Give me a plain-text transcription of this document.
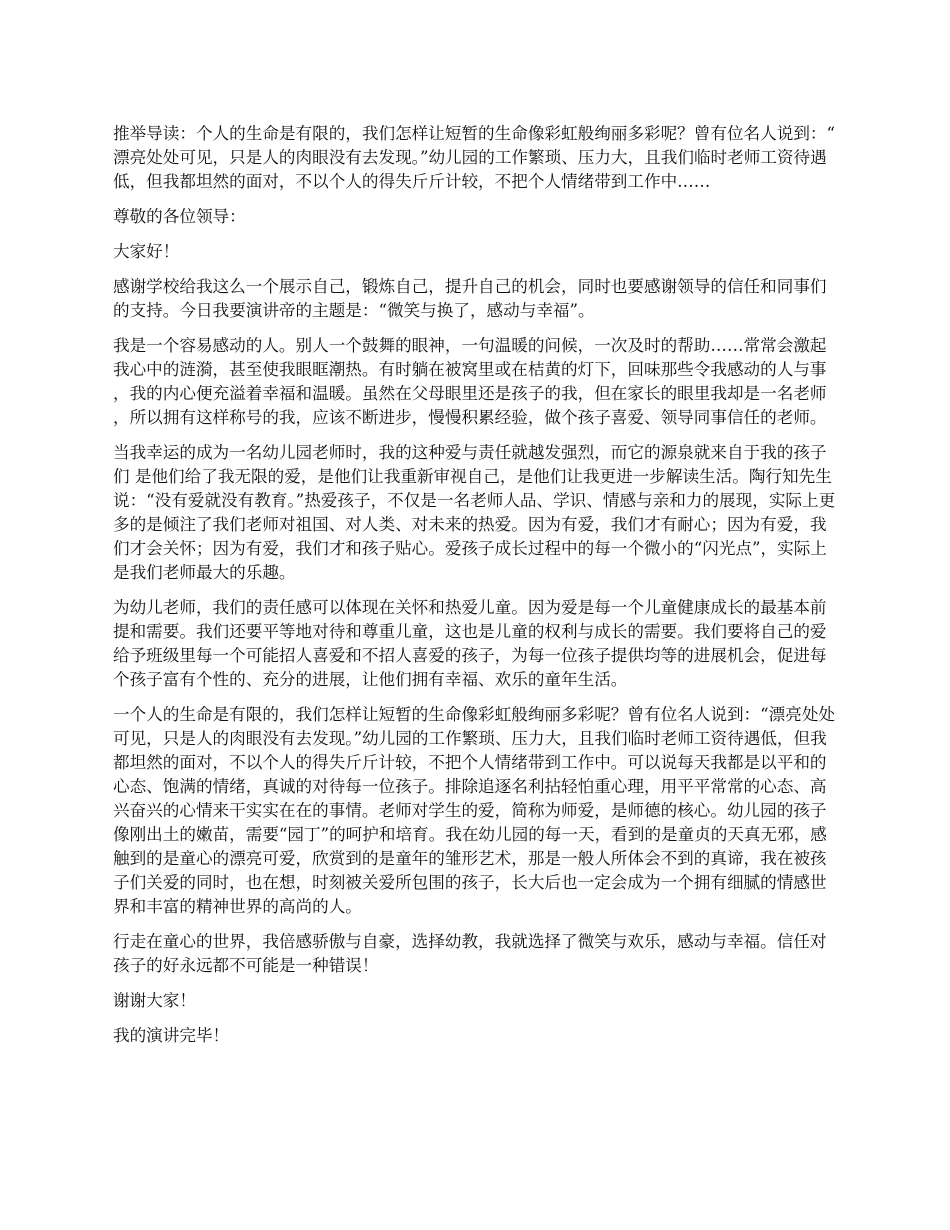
推举导读：个人的生命是有限的，我们怎样让短暂的生命像彩虹般绚丽多彩呢？曾有位名人说到：“漂亮处处可见，只是人的肉眼没有去发现。”幼儿园的工作繁琐、压力大，且我们临时老师工资待遇低，但我都坦然的面对，不以个人的得失斤斤计较，不把个人情绪带到工作中……

尊敬的各位领导：

大家好！

感谢学校给我这么一个展示自己，锻炼自己，提升自己的机会，同时也要感谢领导的信任和同事们的支持。今日我要演讲帝的主题是：“微笑与换了，感动与幸福”。

我是一个容易感动的人。别人一个鼓舞的眼神，一句温暖的问候，一次及时的帮助……常常会激起我心中的涟漪，甚至使我眼眶潮热。有时躺在被窝里或在桔黄的灯下，回味那些令我感动的人与事，我的内心便充溢着幸福和温暖。虽然在父母眼里还是孩子的我，但在家长的眼里我却是一名老师，所以拥有这样称号的我，应该不断进步，慢慢积累经验，做个孩子喜爱、领导同事信任的老师。

当我幸运的成为一名幼儿园老师时，我的这种爱与责任就越发强烈，而它的源泉就来自于我的孩子们 是他们给了我无限的爱，是他们让我重新审视自己，是他们让我更进一步解读生活。陶行知先生说：“没有爱就没有教育。”热爱孩子，不仅是一名老师人品、学识、情感与亲和力的展现，实际上更多的是倾注了我们老师对祖国、对人类、对未来的热爱。因为有爱，我们才有耐心；因为有爱，我们才会关怀；因为有爱，我们才和孩子贴心。爱孩子成长过程中的每一个微小的“闪光点”，实际上是我们老师最大的乐趣。

为幼儿老师，我们的责任感可以体现在关怀和热爱儿童。因为爱是每一个儿童健康成长的最基本前提和需要。我们还要平等地对待和尊重儿童，这也是儿童的权利与成长的需要。我们要将自己的爱给予班级里每一个可能招人喜爱和不招人喜爱的孩子，为每一位孩子提供均等的进展机会，促进每个孩子富有个性的、充分的进展，让他们拥有幸福、欢乐的童年生活。

一个人的生命是有限的，我们怎样让短暂的生命像彩虹般绚丽多彩呢？曾有位名人说到：“漂亮处处可见，只是人的肉眼没有去发现。”幼儿园的工作繁琐、压力大，且我们临时老师工资待遇低，但我都坦然的面对，不以个人的得失斤斤计较，不把个人情绪带到工作中。可以说每天我都是以平和的心态、饱满的情绪，真诚的对待每一位孩子。排除追逐名利拈轻怕重心理，用平平常常的心态、高兴奋兴的心情来干实实在在的事情。老师对学生的爱，简称为师爱，是师德的核心。幼儿园的孩子像刚出土的嫩苗，需要“园丁”的呵护和培育。我在幼儿园的每一天，看到的是童贞的天真无邪，感触到的是童心的漂亮可爱，欣赏到的是童年的雏形艺术，那是一般人所体会不到的真谛，我在被孩子们关爱的同时，也在想，时刻被关爱所包围的孩子，长大后也一定会成为一个拥有细腻的情感世界和丰富的精神世界的高尚的人。

行走在童心的世界，我倍感骄傲与自豪，选择幼教，我就选择了微笑与欢乐，感动与幸福。信任对孩子的好永远都不可能是一种错误！

谢谢大家！

我的演讲完毕！
